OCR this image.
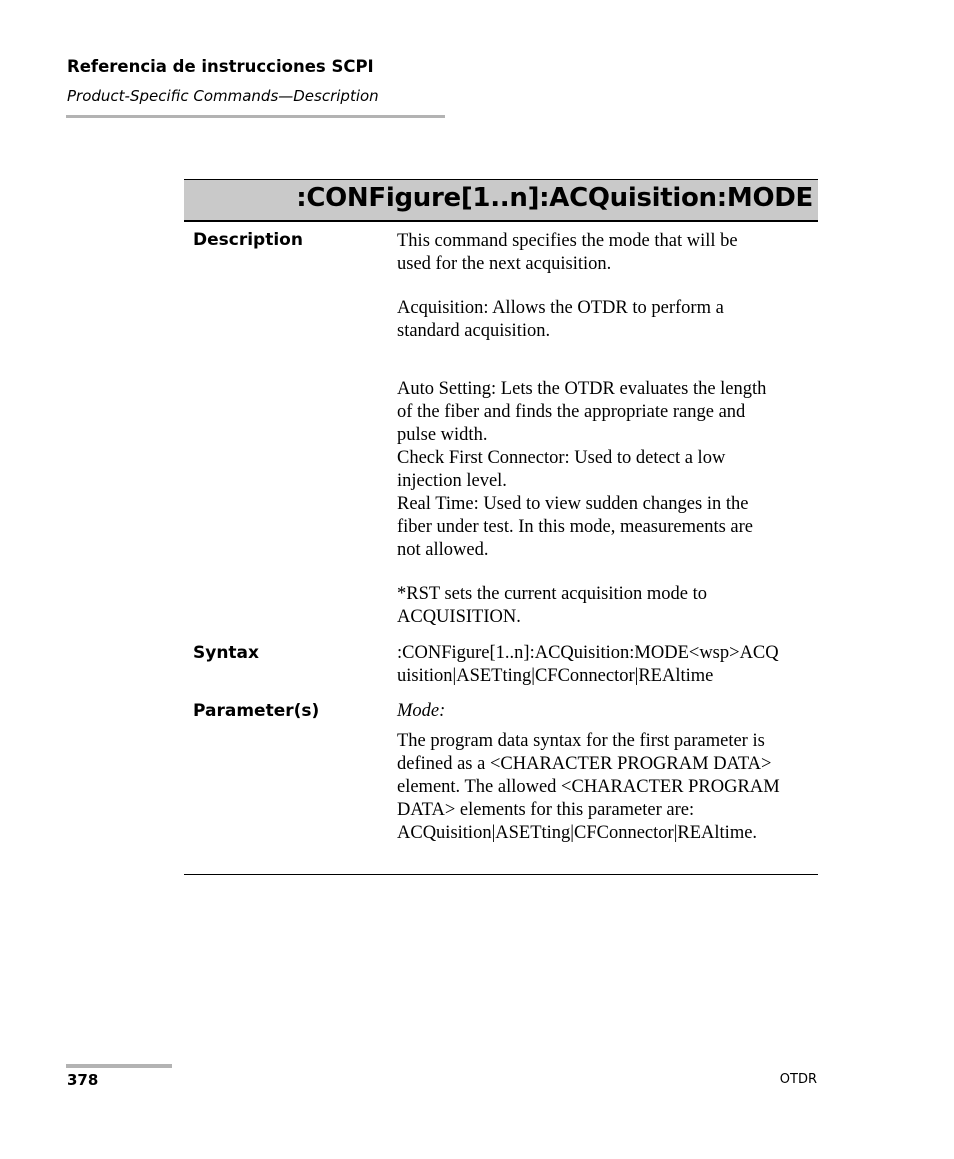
Referencia de instrucciones SCPI
Product-Specific Commands—Description
:CONFigure[1..n]:ACQuisition:MODE
Description	This command specifies the mode that will be
used for the next acquisition.
Acquisition: Allows the OTDR to perform a
standard acquisition.
Auto Setting: Lets the OTDR evaluates the length
of the fiber and finds the appropriate range and
pulse width.
Check First Connector: Used to detect a low
injection level.
Real Time: Used to view sudden changes in the
fiber under test. In this mode, measurements are
not allowed.
*RST sets the current acquisition mode to
ACQUISITION.
Syntax	:CONFigure[1..n]:ACQuisition:MODE<wsp>ACQ
uisition|ASETting|CFConnector|REAltime
Parameter(s)	Mode:
The program data syntax for the first parameter is
defined as a <CHARACTER PROGRAM DATA>
element. The allowed <CHARACTER PROGRAM
DATA> elements for this parameter are:
ACQuisition|ASETting|CFConnector|REAltime.
378	OTDR
